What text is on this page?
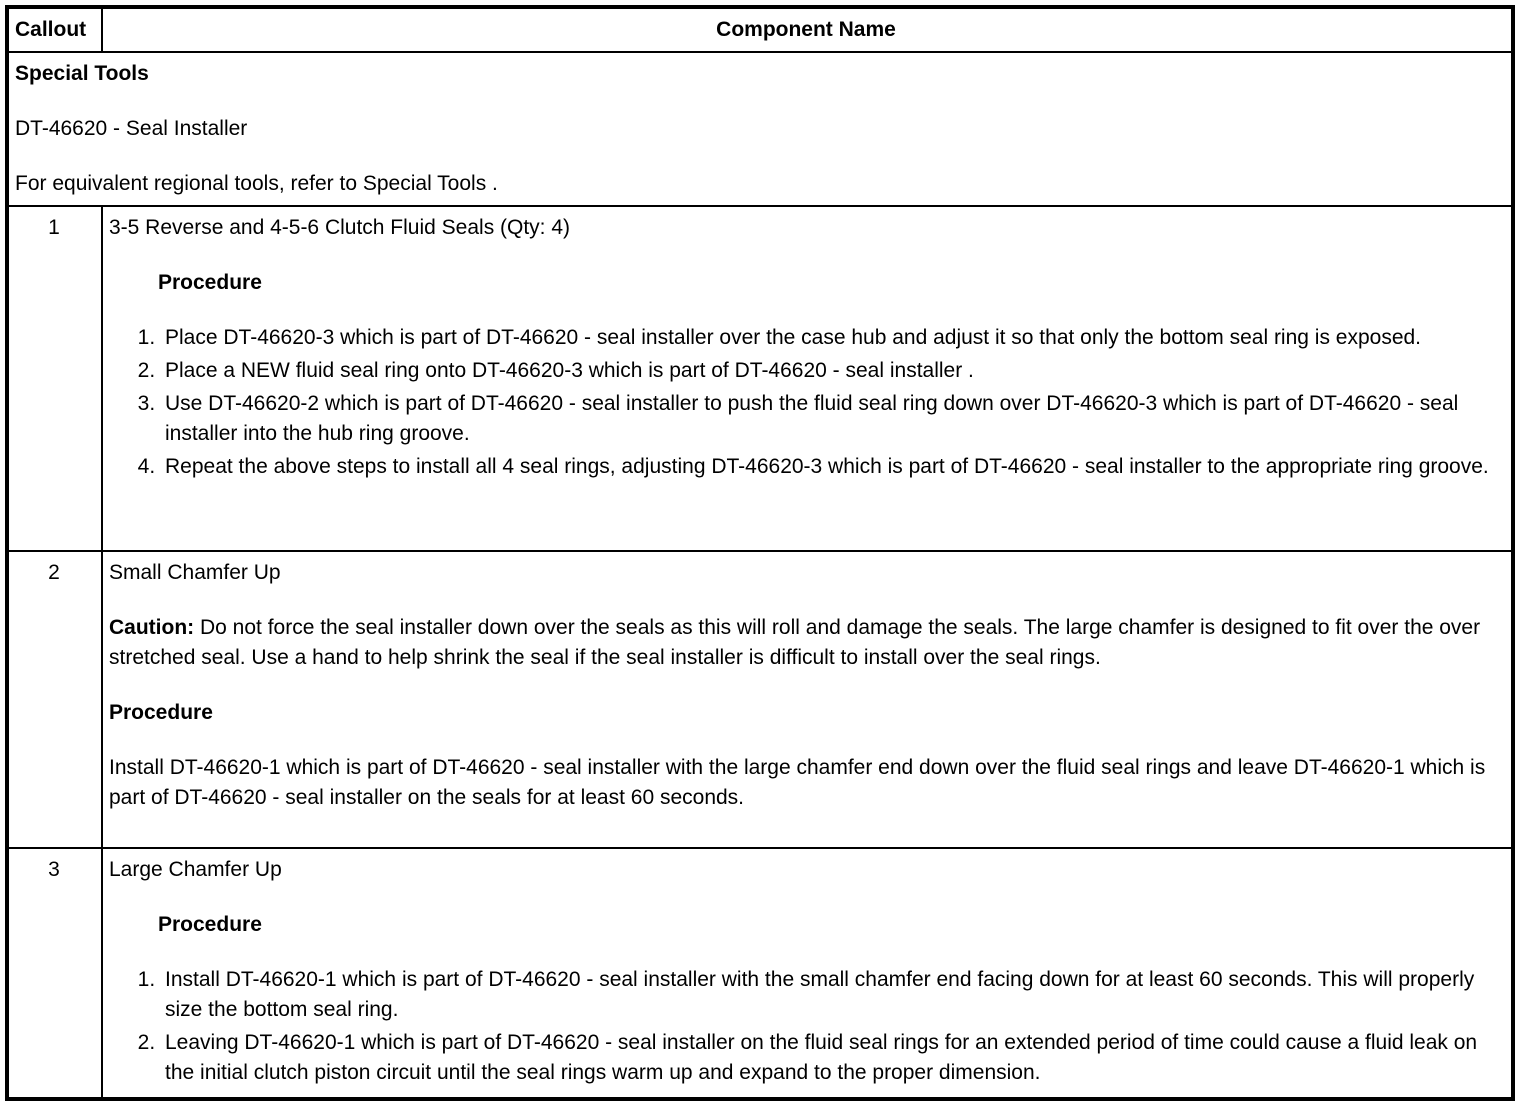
Callout	Component Name

Special Tools

DT-46620 - Seal Installer

For equivalent regional tools, refer to Special Tools .	

1	3-5 Reverse and 4-5-6 Clutch Fluid Seals (Qty: 4)

Procedure

1. Place DT-46620-3 which is part of DT-46620 - seal installer over the case hub and adjust it so that only the bottom seal ring is exposed.
2. Place a NEW fluid seal ring onto DT-46620-3 which is part of DT-46620 - seal installer .
3. Use DT-46620-2 which is part of DT-46620 - seal installer to push the fluid seal ring down over DT-46620-3 which is part of DT-46620 - seal installer into the hub ring groove.
4. Repeat the above steps to install all 4 seal rings, adjusting DT-46620-3 which is part of DT-46620 - seal installer to the appropriate ring groove.

2	Small Chamfer Up

Caution: Do not force the seal installer down over the seals as this will roll and damage the seals. The large chamfer is designed to fit over the over stretched seal. Use a hand to help shrink the seal if the seal installer is difficult to install over the seal rings.

Procedure

Install DT-46620-1 which is part of DT-46620 - seal installer with the large chamfer end down over the fluid seal rings and leave DT-46620-1 which is part of DT-46620 - seal installer on the seals for at least 60 seconds.

3	Large Chamfer Up

Procedure

1. Install DT-46620-1 which is part of DT-46620 - seal installer with the small chamfer end facing down for at least 60 seconds. This will properly size the bottom seal ring.
2. Leaving DT-46620-1 which is part of DT-46620 - seal installer on the fluid seal rings for an extended period of time could cause a fluid leak on the initial clutch piston circuit until the seal rings warm up and expand to the proper dimension.
